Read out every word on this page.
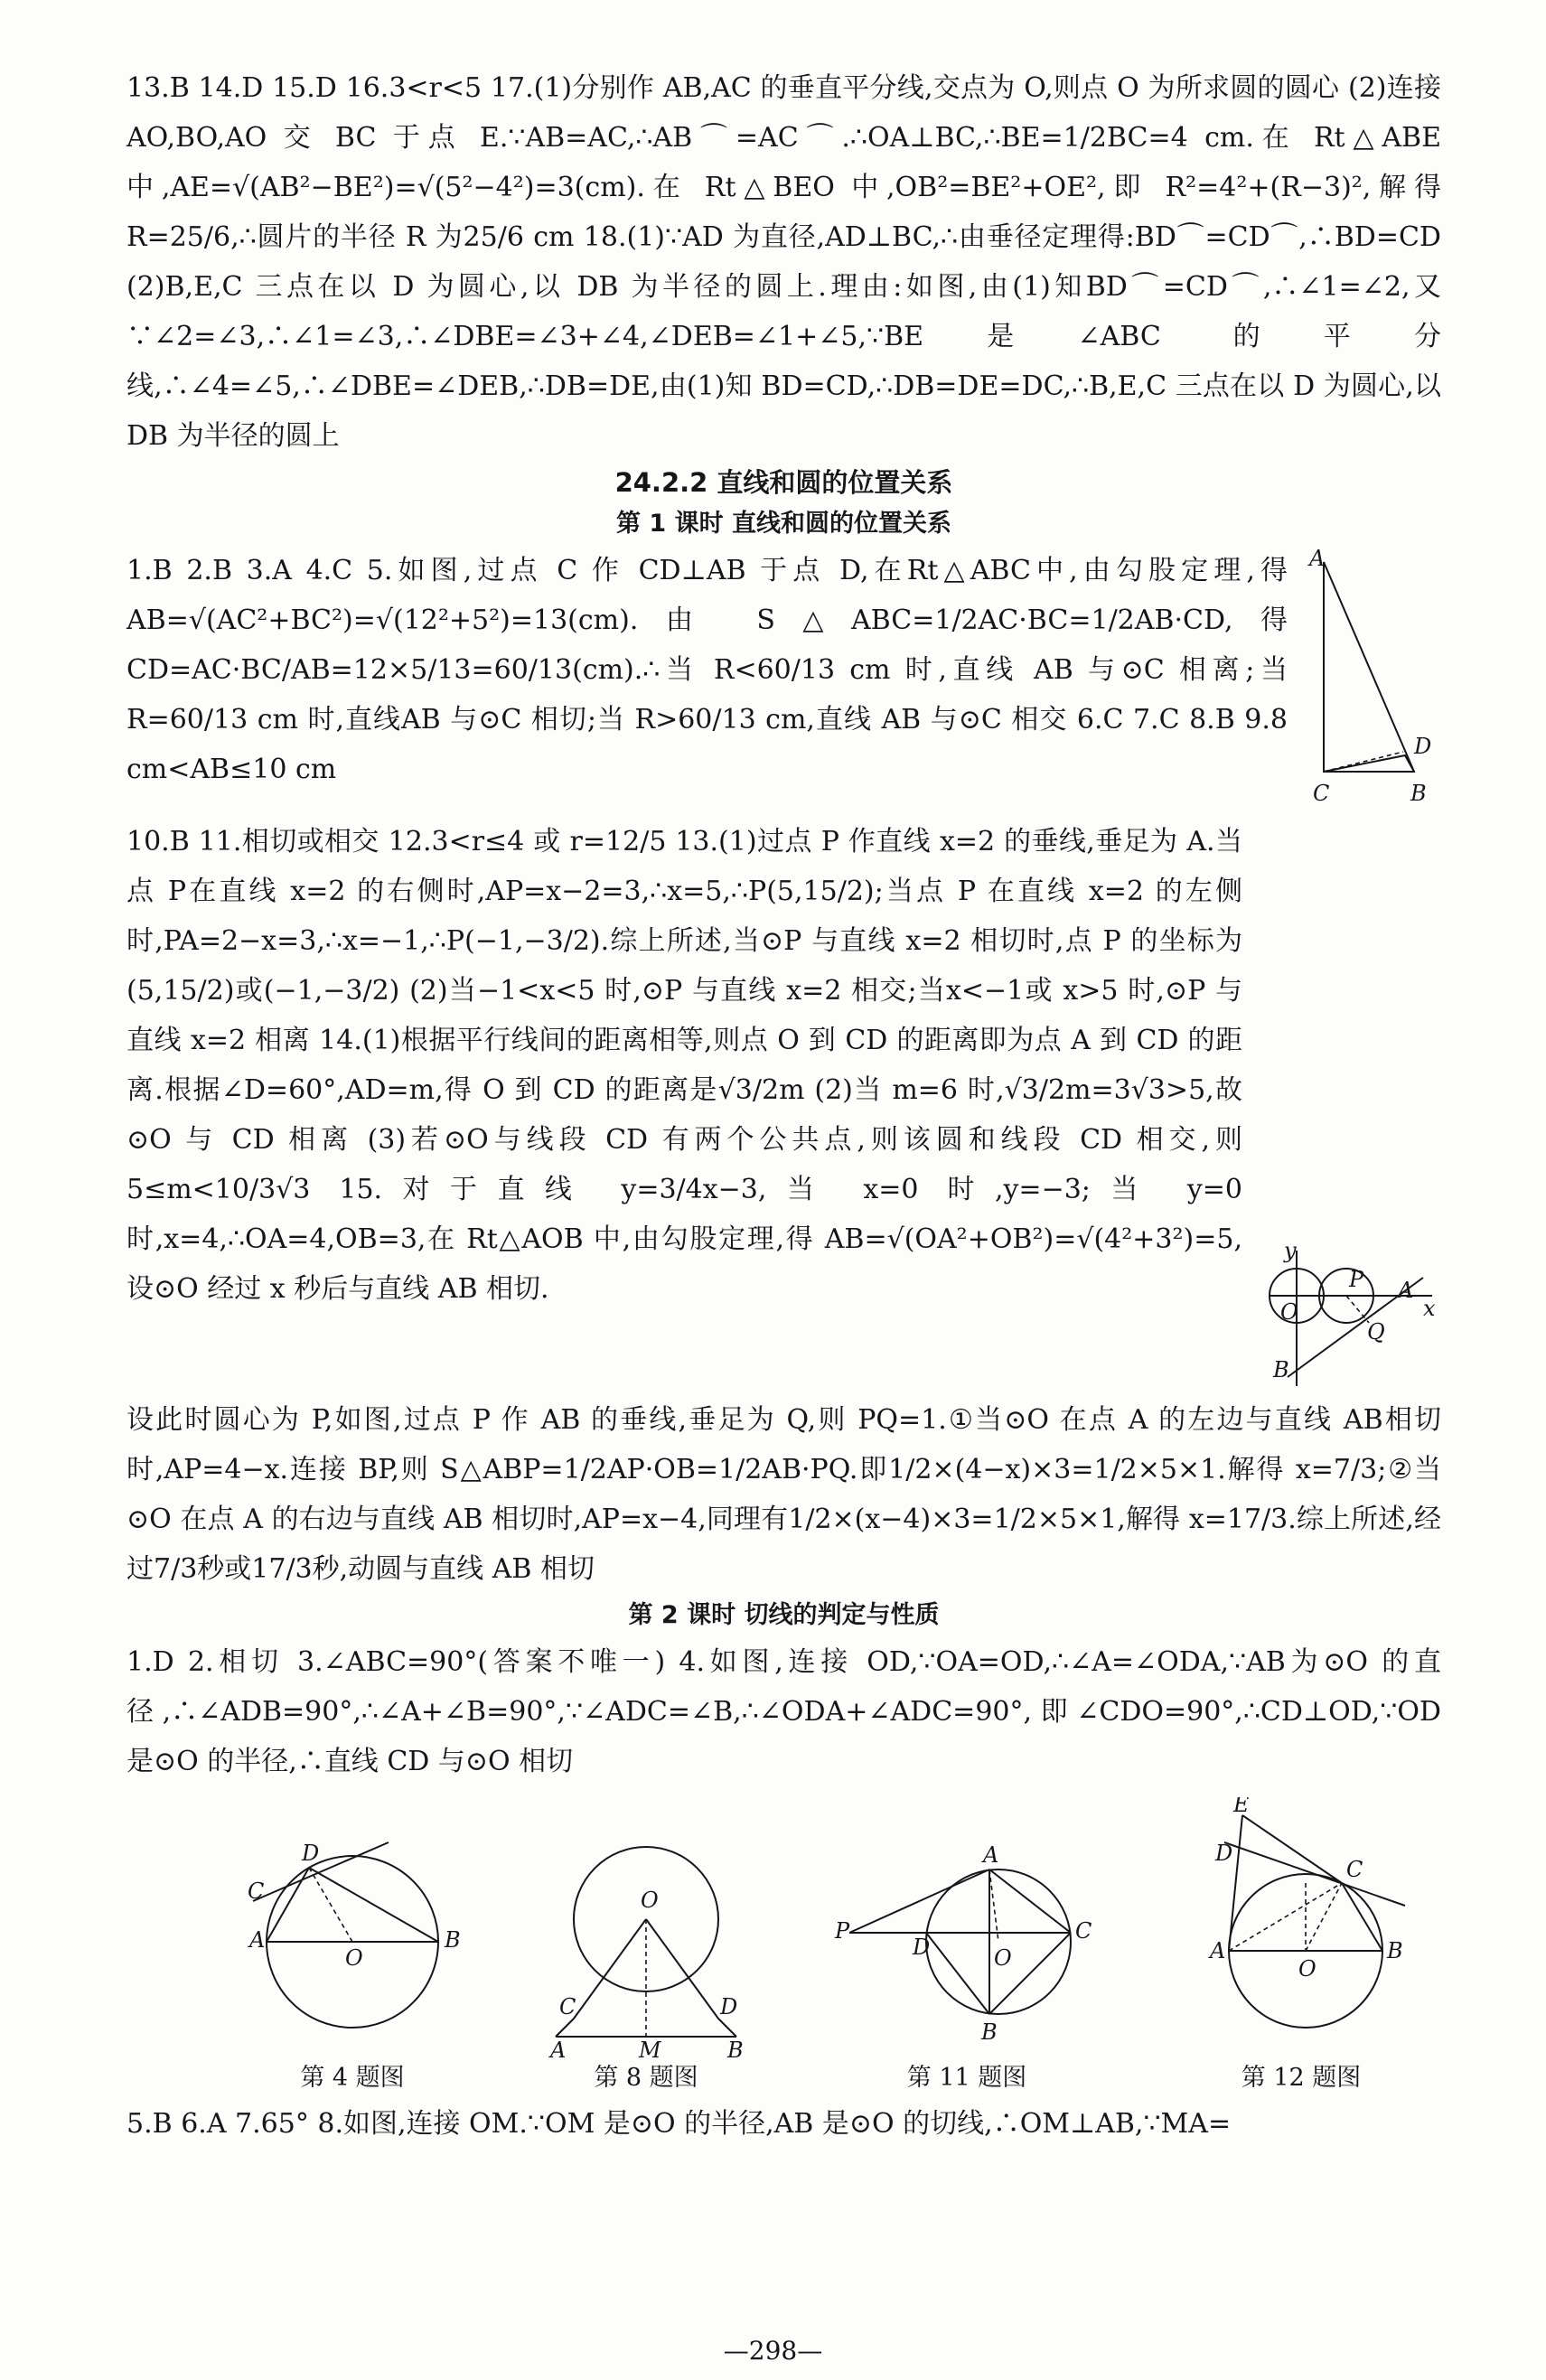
13.B 14.D 15.D 16.3<r<5 17.(1)分别作 AB,AC 的垂直平分线,交点为 O,则点 O 为所求圆的圆心 (2)连接 AO,BO,AO 交 BC 于点 E.∵AB=AC,∴AB⌒=AC⌒.∴OA⊥BC,∴BE=1/2BC=4 cm.在 Rt△ABE 中,AE=√(AB²−BE²)=√(5²−4²)=3(cm).在 Rt△BEO 中,OB²=BE²+OE²,即 R²=4²+(R−3)²,解得 R=25/6,∴圆片的半径 R 为25/6 cm 18.(1)∵AD 为直径,AD⊥BC,∴由垂径定理得:BD⌒=CD⌒,∴BD=CD (2)B,E,C 三点在以 D 为圆心,以 DB 为半径的圆上.理由:如图,由(1)知BD⌒=CD⌒,∴∠1=∠2,又∵∠2=∠3,∴∠1=∠3,∴∠DBE=∠3+∠4,∠DEB=∠1+∠5,∵BE是∠ABC 的平分线,∴∠4=∠5,∴∠DBE=∠DEB,∴DB=DE,由(1)知 BD=CD,∴DB=DE=DC,∴B,E,C 三点在以 D 为圆心,以 DB 为半径的圆上

24.2.2 直线和圆的位置关系
第 1 课时 直线和圆的位置关系

1.B 2.B 3.A 4.C 5.如图,过点 C 作 CD⊥AB 于点 D,在Rt△ABC中,由勾股定理,得AB=√(AC²+BC²)=√(12²+5²)=13(cm).由 S△ABC=1/2AC·BC=1/2AB·CD,得 CD=AC·BC/AB=12×5/13=60/13(cm).∴当 R<60/13 cm 时,直线 AB 与⊙C 相离;当 R=60/13 cm 时,直线AB 与⊙C 相切;当 R>60/13 cm,直线 AB 与⊙C 相交 6.C 7.C 8.B 9.8 cm<AB≤10 cm

A
C	B
D

10.B 11.相切或相交 12.3<r≤4 或 r=12/5 13.(1)过点 P 作直线 x=2 的垂线,垂足为 A.当点 P在直线 x=2 的右侧时,AP=x−2=3,∴x=5,∴P(5,15/2);当点 P 在直线 x=2 的左侧时,PA=2−x=3,∴x=−1,∴P(−1,−3/2).综上所述,当⊙P 与直线 x=2 相切时,点 P 的坐标为(5,15/2)或(−1,−3/2) (2)当−1<x<5 时,⊙P 与直线 x=2 相交;当x<−1或 x>5 时,⊙P 与直线 x=2 相离 14.(1)根据平行线间的距离相等,则点 O 到 CD 的距离即为点 A 到 CD 的距离.根据∠D=60°,AD=m,得 O 到 CD 的距离是√3/2m (2)当 m=6 时,√3/2m=3√3>5,故⊙O 与 CD 相离 (3)若⊙O与线段 CD 有两个公共点,则该圆和线段 CD 相交,则 5≤m<10/3√3 15.对于直线 y=3/4x−3,当 x=0 时,y=−3;当 y=0 时,x=4,∴OA=4,OB=3,在 Rt△AOB 中,由勾股定理,得 AB=√(OA²+OB²)=√(4²+3²)=5,设⊙O 经过 x 秒后与直线 AB 相切.

y
x
O
P A
Q
B

设此时圆心为 P,如图,过点 P 作 AB 的垂线,垂足为 Q,则 PQ=1.①当⊙O 在点 A 的左边与直线 AB相切时,AP=4−x.连接 BP,则 S△ABP=1/2AP·OB=1/2AB·PQ.即1/2×(4−x)×3=1/2×5×1.解得 x=7/3;②当⊙O 在点 A 的右边与直线 AB 相切时,AP=x−4,同理有1/2×(x−4)×3=1/2×5×1,解得 x=17/3.综上所述,经过7/3秒或17/3秒,动圆与直线 AB 相切

第 2 课时 切线的判定与性质

1.D 2.相切 3.∠ABC=90°(答案不唯一) 4.如图,连接 OD,∵OA=OD,∴∠A=∠ODA,∵AB为⊙O 的直径,∴∠ADB=90°,∴∠A+∠B=90°,∵∠ADC=∠B,∴∠ODA+∠ADC=90°,即∠CDO=90°,∴CD⊥OD,∵OD 是⊙O 的半径,∴直线 CD 与⊙O 相切

D
C
A	B
O
第 4 题图
O
C	D
A	M	B
第 8 题图
P
A
D
C
O
B
第 11 题图
E
D
C
A	B
O
第 12 题图

5.B 6.A 7.65° 8.如图,连接 OM.∵OM 是⊙O 的半径,AB 是⊙O 的切线,∴OM⊥AB,∵MA=

—298—
